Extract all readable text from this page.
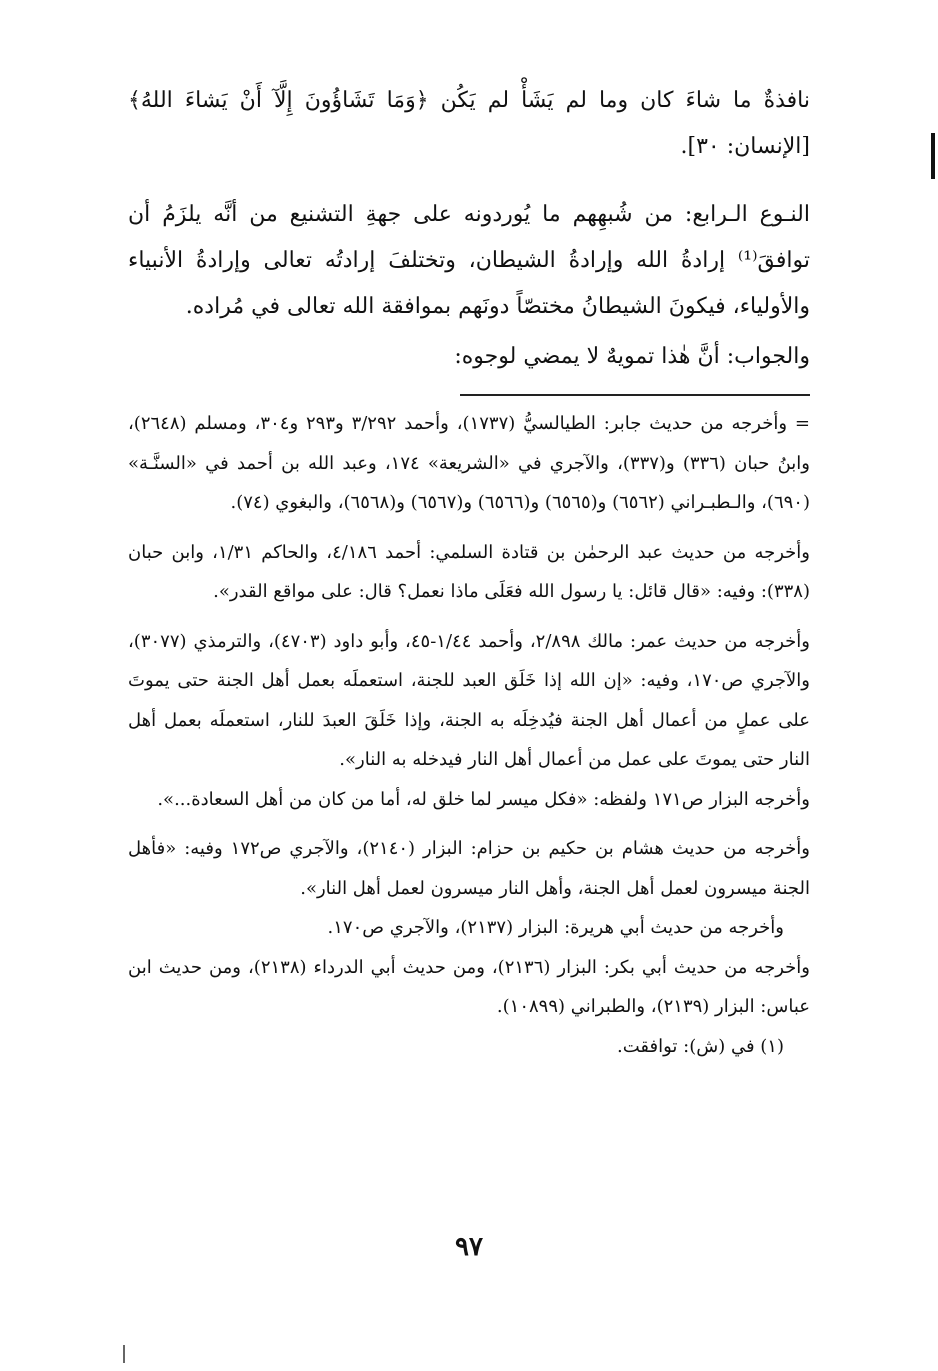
نافذةٌ ما شاءَ كان وما لم يَشَأْ لم يَكُن ﴿وَمَا تَشَاؤُونَ إِلَّآ أَنْ يَشاءَ اللهُ﴾ [الإنسان: ٣٠].

النـوع الـرابع: من شُبهِهم ما يُوردونه على جهةِ التشنيع من أنَّه يلزَمُ أن توافقَ⁽¹⁾ إرادةُ الله وإرادةُ الشيطان، وتختلفَ إرادتُه تعالى وإرادةُ الأنبياء والأولياء، فيكونَ الشيطانُ مختصّاً دونَهم بموافقة الله تعالى في مُراده.

والجواب: أنَّ هٰذا تمويهٌ لا يمضي لوجوه:

= وأخرجه من حديث جابر: الطيالسيُّ (١٧٣٧)، وأحمد ٣/٢٩٢ و٢٩٣ و٣٠٤، ومسلم (٢٦٤٨)، وابنُ حبان (٣٣٦) و(٣٣٧)، والآجري في «الشريعة» ١٧٤، وعبد الله بن أحمد في «السنَّـة» (٦٩٠)، والـطبـراني (٦٥٦٢) و(٦٥٦٥) و(٦٥٦٦) و(٦٥٦٧) و(٦٥٦٨)، والبغوي (٧٤).

وأخرجه من حديث عبد الرحمٰن بن قتادة السلمي: أحمد ٤/١٨٦، والحاكم ١/٣١، وابن حبان (٣٣٨): وفيه: «قال قائل: يا رسول الله فعَلَى ماذا نعمل؟ قال: على مواقع القدر».

وأخرجه من حديث عمر: مالك ٢/٨٩٨، وأحمد ١/٤٤-٤٥، وأبو داود (٤٧٠٣)، والترمذي (٣٠٧٧)، والآجري ص١٧٠، وفيه: «إن الله إذا خَلَق العبد للجنة، استعملَه بعمل أهل الجنة حتى يموتَ على عملٍ من أعمال أهل الجنة فيُدخِلَه به الجنة، وإذا خَلَقَ العبدَ للنار، استعملَه بعمل أهل النار حتى يموتَ على عمل من أعمال أهل النار فيدخله به النار».

وأخرجه البزار ص١٧١ ولفظه: «فكل ميسر لما خلق له، أما من كان من أهل السعادة...».

وأخرجه من حديث هشام بن حكيم بن حزام: البزار (٢١٤٠)، والآجري ص١٧٢ وفيه: «فأهل الجنة ميسرون لعمل أهل الجنة، وأهل النار ميسرون لعمل أهل النار».

وأخرجه من حديث أبي هريرة: البزار (٢١٣٧)، والآجري ص١٧٠.

وأخرجه من حديث أبي بكر: البزار (٢١٣٦)، ومن حديث أبي الدرداء (٢١٣٨)، ومن حديث ابن عباس: البزار (٢١٣٩)، والطبراني (١٠٨٩٩).

(١) في (ش): توافقت.

٩٧
